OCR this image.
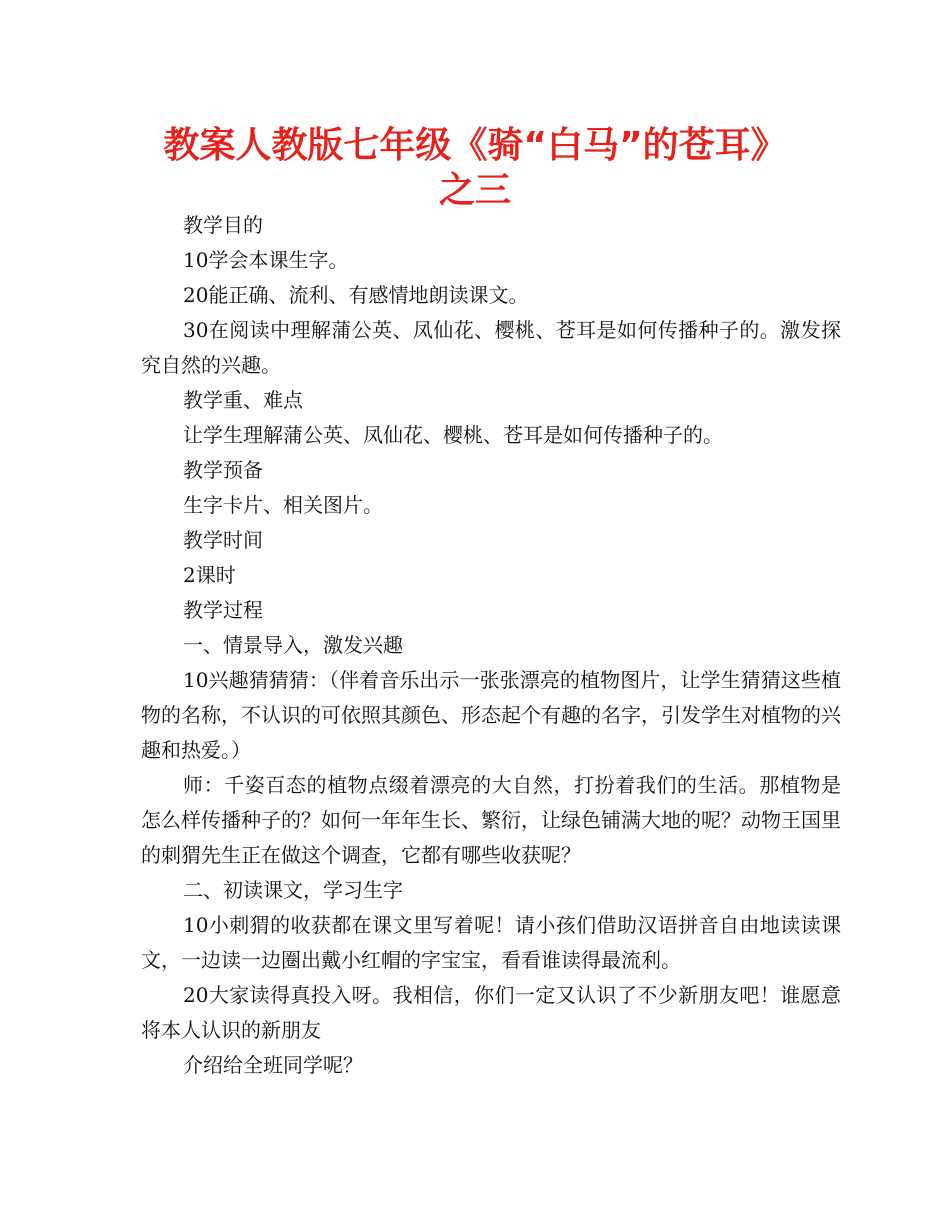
教案人教版七年级《骑“白马”的苍耳》
之三

教学目的

10学会本课生字。

20能正确、流利、有感情地朗读课文。

30在阅读中理解蒲公英、凤仙花、樱桃、苍耳是如何传播种子的。激发探究自然的兴趣。

教学重、难点

让学生理解蒲公英、凤仙花、樱桃、苍耳是如何传播种子的。

教学预备

生字卡片、相关图片。

教学时间

2课时

教学过程

一、情景导入，激发兴趣

10兴趣猜猜猜：（伴着音乐出示一张张漂亮的植物图片，让学生猜猜这些植物的名称，不认识的可依照其颜色、形态起个有趣的名字，引发学生对植物的兴趣和热爱。）

师：千姿百态的植物点缀着漂亮的大自然，打扮着我们的生活。那植物是怎么样传播种子的？如何一年年生长、繁衍，让绿色铺满大地的呢？动物王国里的刺猬先生正在做这个调查，它都有哪些收获呢？

二、初读课文，学习生字

10小刺猬的收获都在课文里写着呢！请小孩们借助汉语拼音自由地读读课文，一边读一边圈出戴小红帽的字宝宝，看看谁读得最流利。

20大家读得真投入呀。我相信，你们一定又认识了不少新朋友吧！谁愿意将本人认识的新朋友

介绍给全班同学呢？
